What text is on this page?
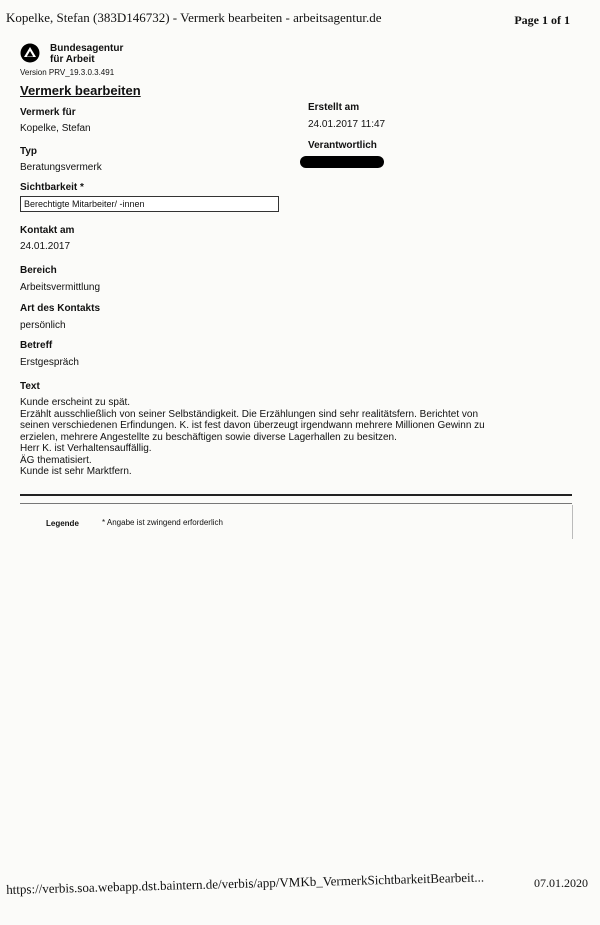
Kopelke, Stefan (383D146732) - Vermerk bearbeiten - arbeitsagentur.de	Page 1 of 1
Bundesagentur
für Arbeit
Version PRV_19.3.0.3.491
Vermerk bearbeiten
Vermerk für
Kopelke, Stefan
Erstellt am
24.01.2017 11:47
Verantwortlich
Typ
Beratungsvermerk
Sichtbarkeit *
Berechtigte Mitarbeiter/ -innen
Kontakt am
24.01.2017
Bereich
Arbeitsvermittlung
Art des Kontakts
persönlich
Betreff
Erstgespräch
Text
Kunde erscheint zu spät.
Erzählt ausschließlich von seiner Selbständigkeit. Die Erzählungen sind sehr realitätsfern. Berichtet von
seinen verschiedenen Erfindungen. K. ist fest davon überzeugt irgendwann mehrere Millionen Gewinn zu
erzielen, mehrere Angestellte zu beschäftigen sowie diverse Lagerhallen zu besitzen.
Herr K. ist Verhaltensauffällig.
ÄG thematisiert.
Kunde ist sehr Marktfern.
Legende	* Angabe ist zwingend erforderlich
https://verbis.soa.webapp.dst.baintern.de/verbis/app/VMKb_VermerkSichtbarkeitBearbeit...	07.01.2020
